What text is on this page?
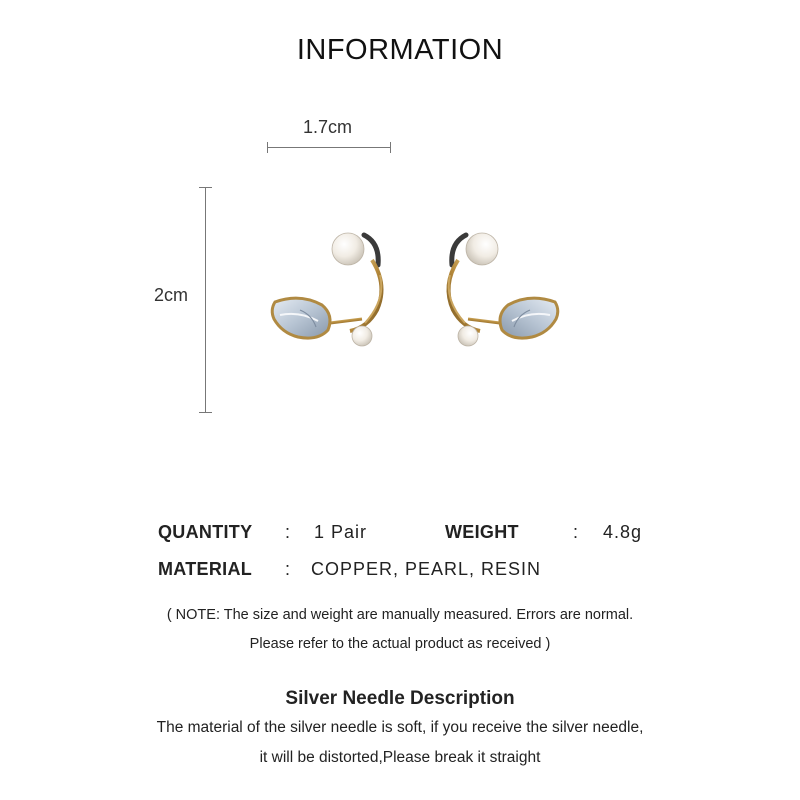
INFORMATION
1.7cm
2cm
QUANTITY : 1 Pair	WEIGHT	: 4.8g
MATERIAL : COPPER, PEARL, RESIN
( NOTE: The size and weight are manually measured. Errors are normal.
Please refer to the actual product as received )
Silver Needle Description
The material of the silver needle is soft, if you receive the silver needle,
it will be distorted,Please break it straight
